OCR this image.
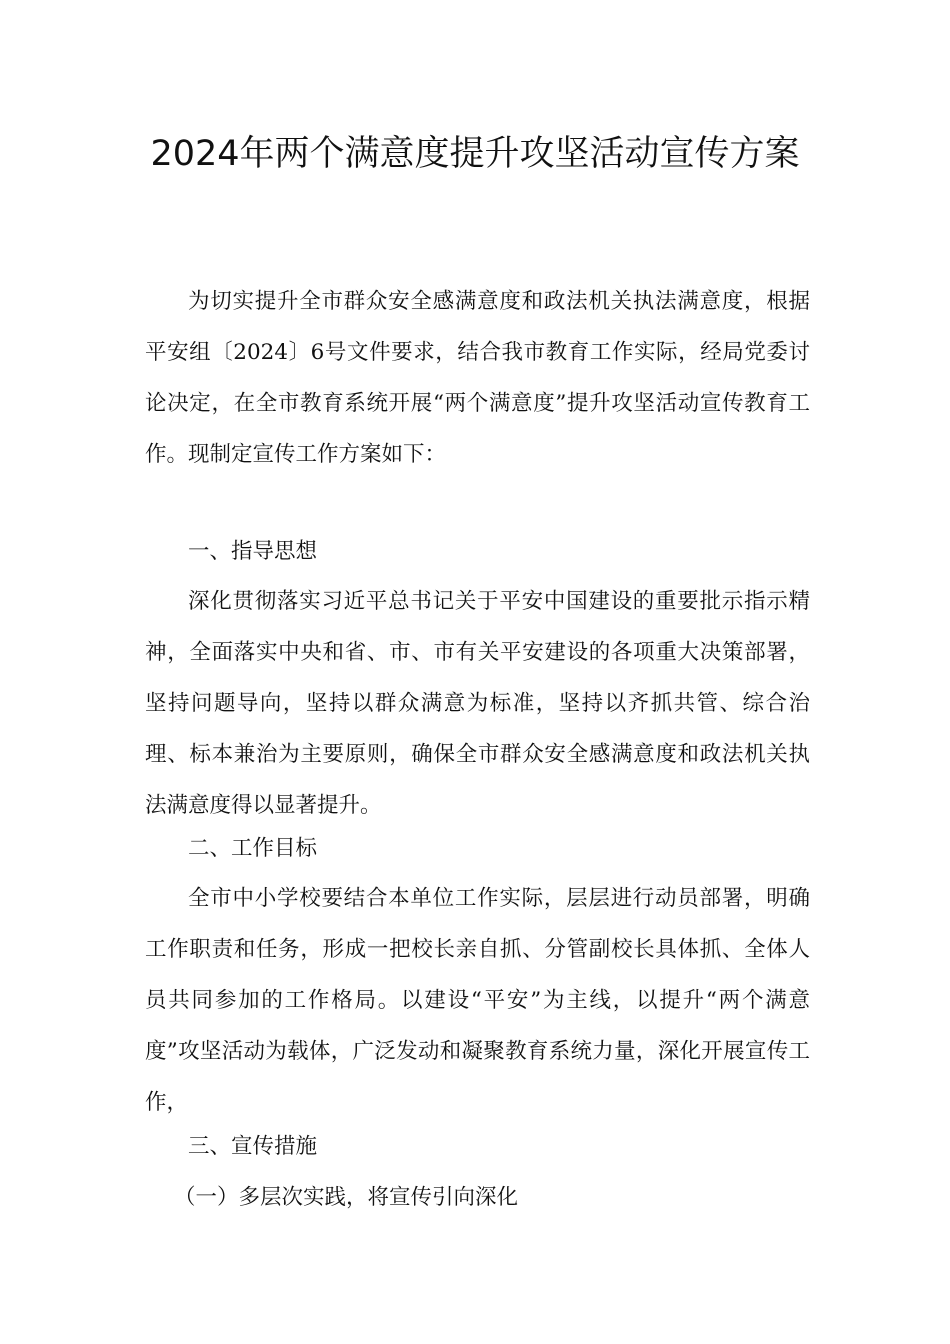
2024年两个满意度提升攻坚活动宣传方案

为切实提升全市群众安全感满意度和政法机关执法满意度，根据平安组〔2024〕6号文件要求，结合我市教育工作实际，经局党委讨论决定，在全市教育系统开展“两个满意度”提升攻坚活动宣传教育工作。现制定宣传工作方案如下：

一、指导思想

深化贯彻落实习近平总书记关于平安中国建设的重要批示指示精神，全面落实中央和省、市、市有关平安建设的各项重大决策部署，坚持问题导向，坚持以群众满意为标准，坚持以齐抓共管、综合治理、标本兼治为主要原则，确保全市群众安全感满意度和政法机关执法满意度得以显著提升。

二、工作目标

全市中小学校要结合本单位工作实际，层层进行动员部署，明确工作职责和任务，形成一把校长亲自抓、分管副校长具体抓、全体人员共同参加的工作格局。以建设“平安”为主线，以提升“两个满意度”攻坚活动为载体，广泛发动和凝聚教育系统力量，深化开展宣传工作，

三、宣传措施

（一）多层次实践，将宣传引向深化
